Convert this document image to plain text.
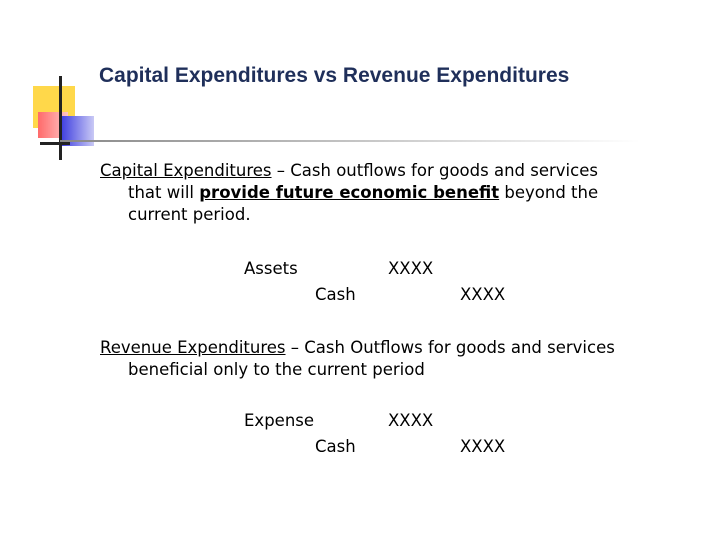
Capital Expenditures vs Revenue Expenditures
Capital Expenditures – Cash outflows for goods and services
that will provide future economic benefit beyond the
current period.
Assets	XXXX
Cash	XXXX
Revenue Expenditures – Cash Outflows for goods and services
beneficial only to the current period
Expense	XXXX
Cash	XXXX
